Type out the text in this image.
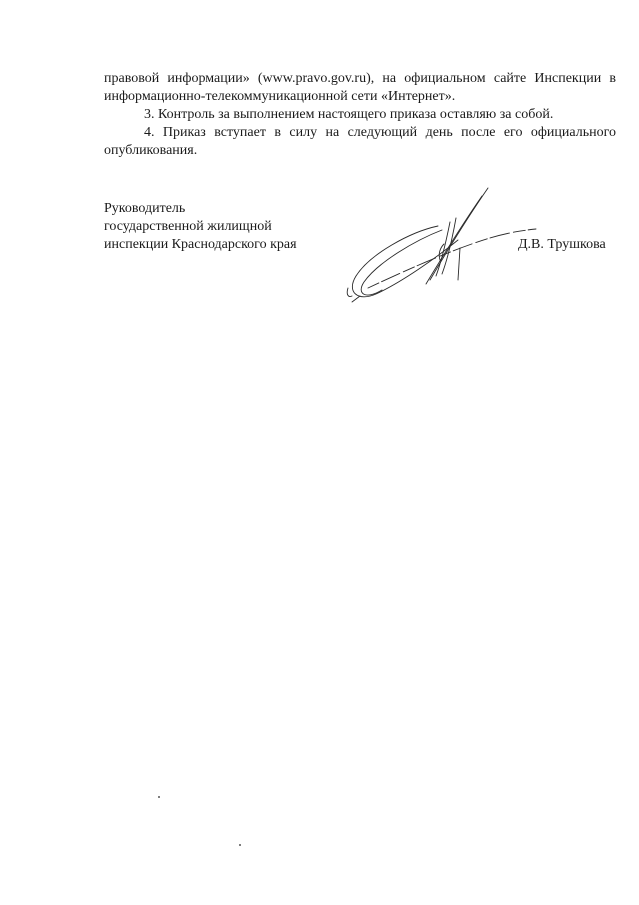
правовой информации» (www.pravo.gov.ru), на официальном сайте Инспекции в

информационно-телекоммуникационной сети «Интернет».

3. Контроль за выполнением настоящего приказа оставляю за собой.

4. Приказ вступает в силу на следующий день после его официального

опубликования.

Руководитель
государственной жилищной
инспекции Краснодарского края	Д.В. Трушкова
